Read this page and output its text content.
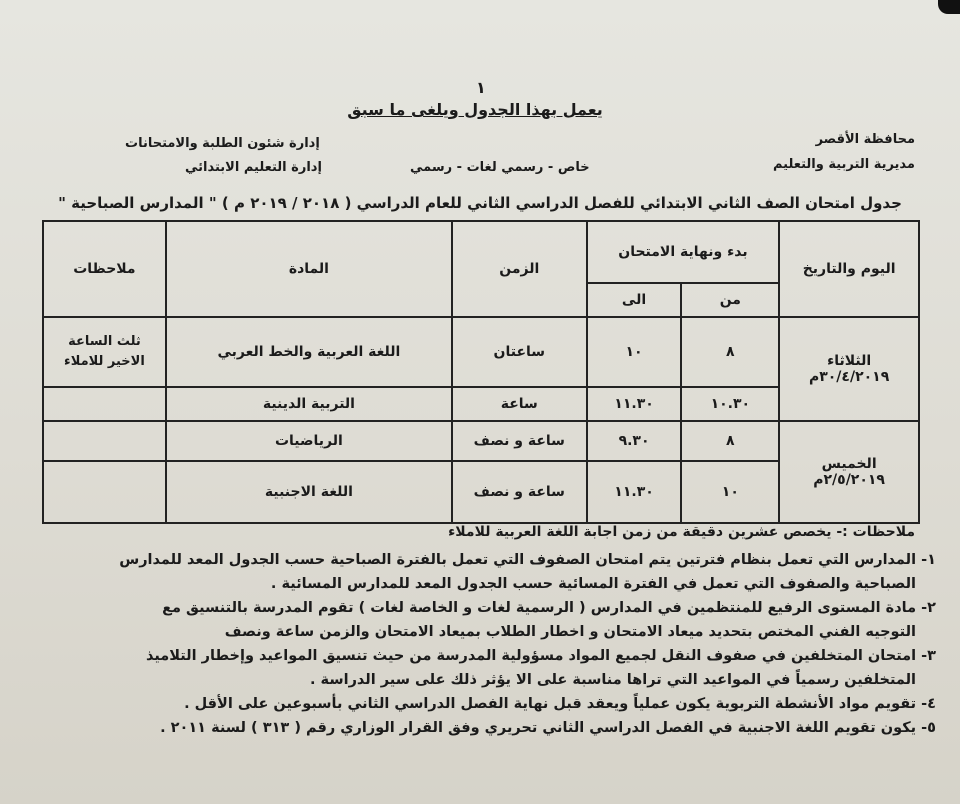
١
يعمل بهذا الجدول ويلغى ما سبق
محافظة الأقصر
مديرية التربية والتعليم
إدارة شئون الطلبة والامتحانات
إدارة التعليم الابتدائي	خاص - رسمي لغات - رسمي
جدول امتحان الصف الثاني الابتدائي للفصل الدراسي الثاني للعام الدراسي ( ٢٠١٨ / ٢٠١٩ م ) " المدارس الصباحية "
اليوم والتاريخ	بدء ونهاية الامتحان		الزمن	المادة	ملاحظات
	من	الى			

الثلاثاء
٣٠/٤/٢٠١٩م	٨	١٠	ساعتان	اللغة العربية والخط العربي	ثلث الساعة الاخير للاملاء
	١٠.٣٠	١١.٣٠	ساعة	التربية الدينية	

الخميس
٢/٥/٢٠١٩م	٨	٩.٣٠	ساعة و نصف	الرياضيات	
	١٠	١١.٣٠	ساعة و نصف	اللغة الاجنبية	
ملاحظات :- يخصص عشرين دقيقة من زمن اجابة اللغة العربية للاملاء
١- المدارس التي تعمل بنظام فترتين يتم امتحان الصفوف التي تعمل بالفترة الصباحية حسب الجدول المعد للمدارس
الصباحية والصفوف التي تعمل في الفترة المسائية حسب الجدول المعد للمدارس المسائية .
٢- مادة المستوى الرفيع للمنتظمين في المدارس ( الرسمية لغات و الخاصة لغات ) تقوم المدرسة بالتنسيق مع
التوجيه الفني المختص بتحديد ميعاد الامتحان و اخطار الطلاب بميعاد الامتحان والزمن ساعة ونصف
٣- امتحان المتخلفين في صفوف النقل لجميع المواد مسؤولية المدرسة من حيث تنسيق المواعيد وإخطار التلاميذ
المتخلفين رسمياً في المواعيد التي تراها مناسبة على الا يؤثر ذلك على سير الدراسة .
٤- تقويم مواد الأنشطة التربوية يكون عملياً ويعقد قبل نهاية الفصل الدراسي الثاني بأسبوعين على الأقل .
٥- يكون تقويم اللغة الاجنبية في الفصل الدراسي الثاني تحريري وفق القرار الوزاري رقم ( ٣١٣ ) لسنة ٢٠١١ .
